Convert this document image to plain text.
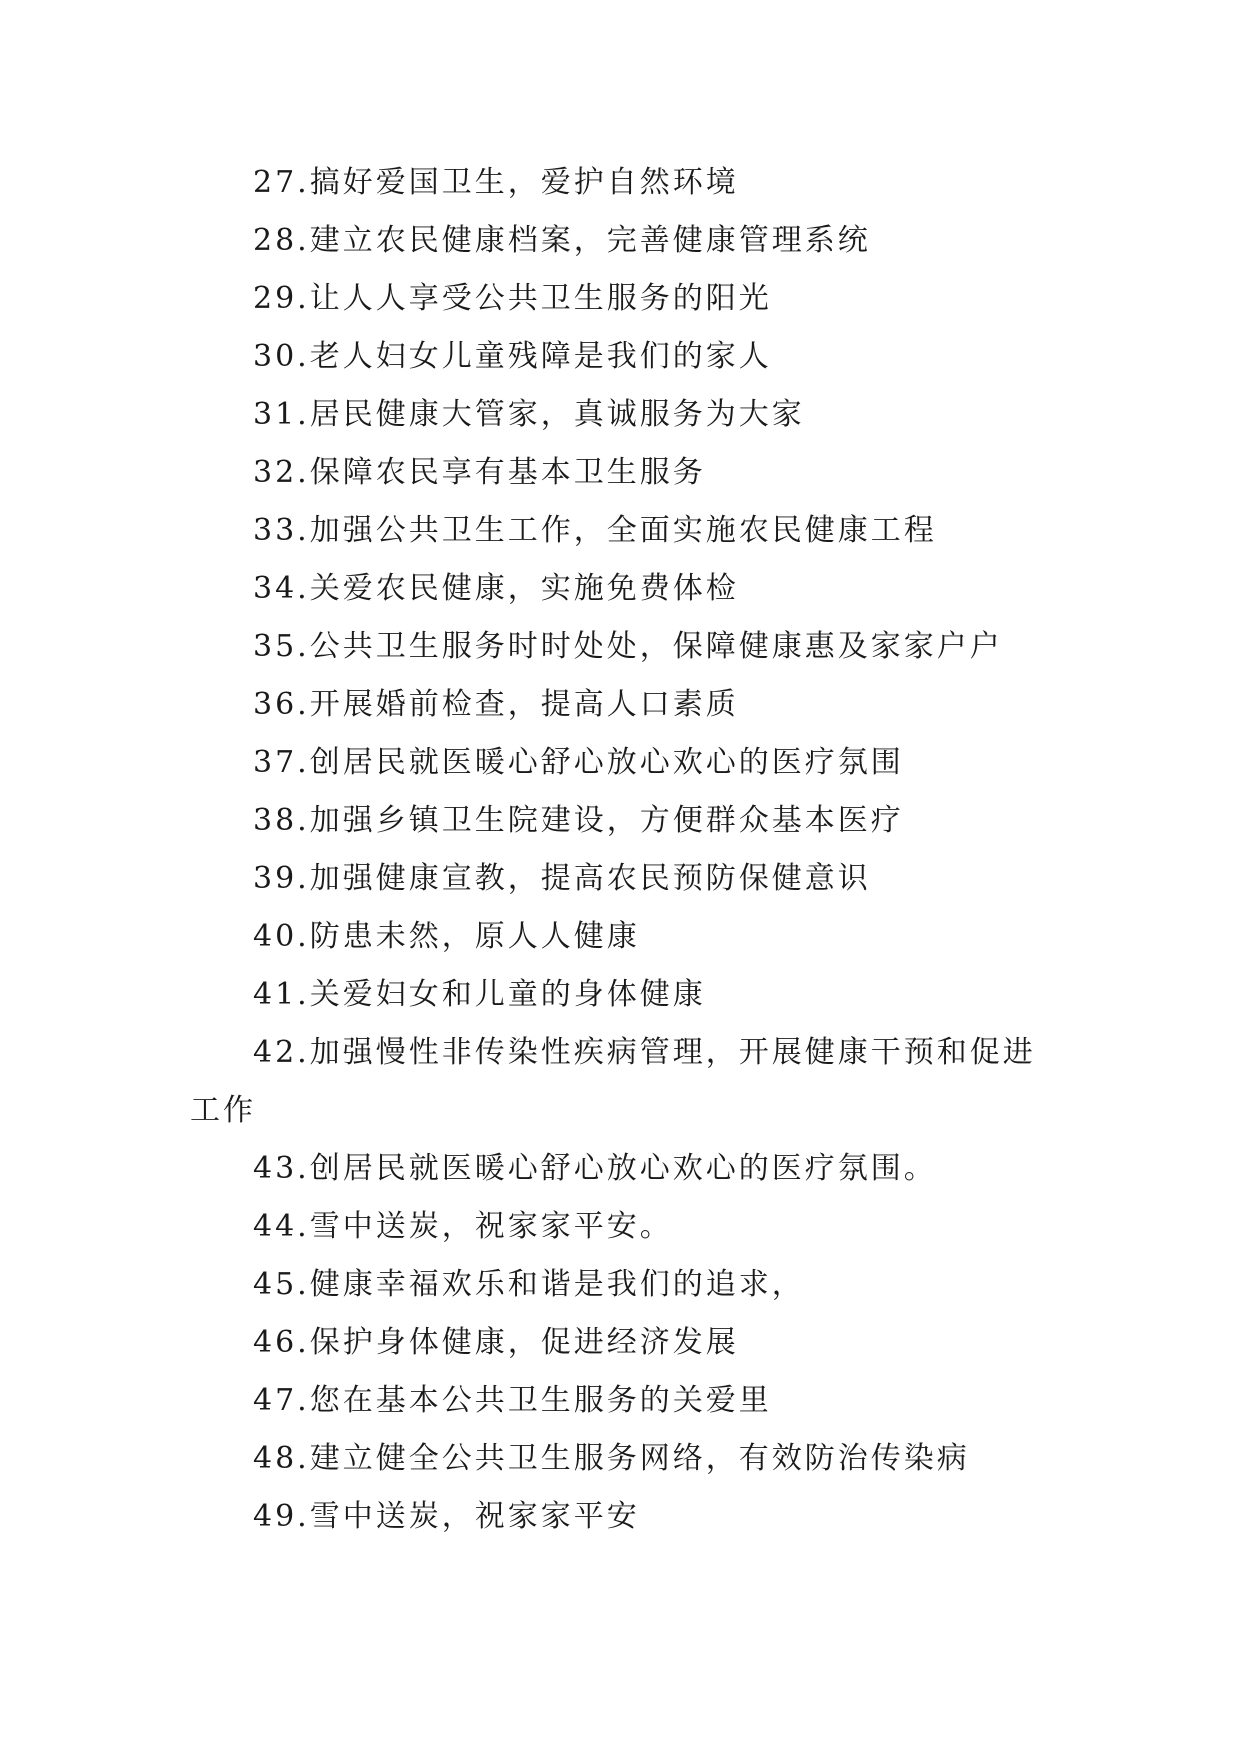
27.搞好爱国卫生，爱护自然环境
28.建立农民健康档案，完善健康管理系统
29.让人人享受公共卫生服务的阳光
30.老人妇女儿童残障是我们的家人
31.居民健康大管家，真诚服务为大家
32.保障农民享有基本卫生服务
33.加强公共卫生工作，全面实施农民健康工程
34.关爱农民健康，实施免费体检
35.公共卫生服务时时处处，保障健康惠及家家户户
36.开展婚前检查，提高人口素质
37.创居民就医暖心舒心放心欢心的医疗氛围
38.加强乡镇卫生院建设，方便群众基本医疗
39.加强健康宣教，提高农民预防保健意识
40.防患未然，原人人健康
41.关爱妇女和儿童的身体健康
42.加强慢性非传染性疾病管理，开展健康干预和促进
工作
43.创居民就医暖心舒心放心欢心的医疗氛围。
44.雪中送炭，祝家家平安。
45.健康幸福欢乐和谐是我们的追求，
46.保护身体健康，促进经济发展
47.您在基本公共卫生服务的关爱里
48.建立健全公共卫生服务网络，有效防治传染病
49.雪中送炭，祝家家平安
